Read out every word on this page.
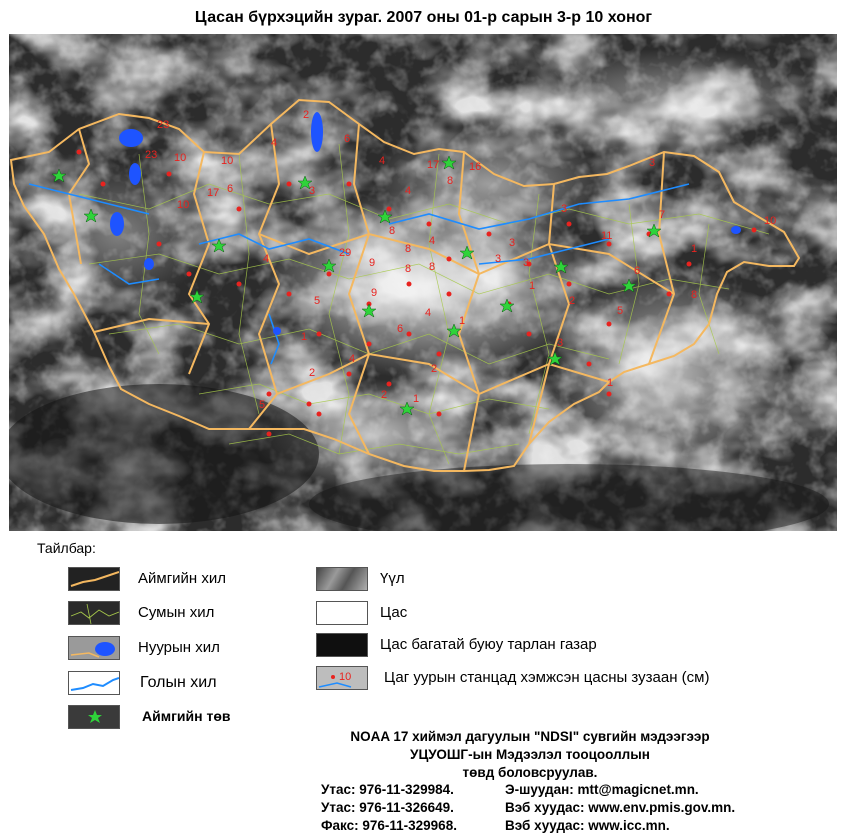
Цасан бүрхэцийн зураг. 2007 оны 01-р сарын 3-р 10 хоног
23
10
23	10
10
17 6
4
4
6
2
3
17	16
8
4
8
4
9
8
8
3
3
11
10
3
7
1
3
6
8
5
9
29
5
1
2
3
4
2
1
2
4
6
1
2
3
1
8
4
5
1
Тайлбар:
Аймгийн хил
Сумын хил
Нуурын хил
Голын хил
Аймгийн төв
Үүл
Цас
Цас багатай буюу тарлан газар
10 Цаг уурын станцад хэмжсэн цасны зузаан (см)
NOAA 17 хиймэл дагуулын "NDSI" сувгийн мэдээгээр
УЦУОШГ-ын Мэдээлэл тооцооллын
төвд боловсруулав.
Утас: 976-11-329984.
Утас: 976-11-326649.
Факс: 976-11-329968.
Э-шуудан: mtt@magicnet.mn.
Вэб хуудас: www.env.pmis.gov.mn.
Вэб хуудас: www.icc.mn.
